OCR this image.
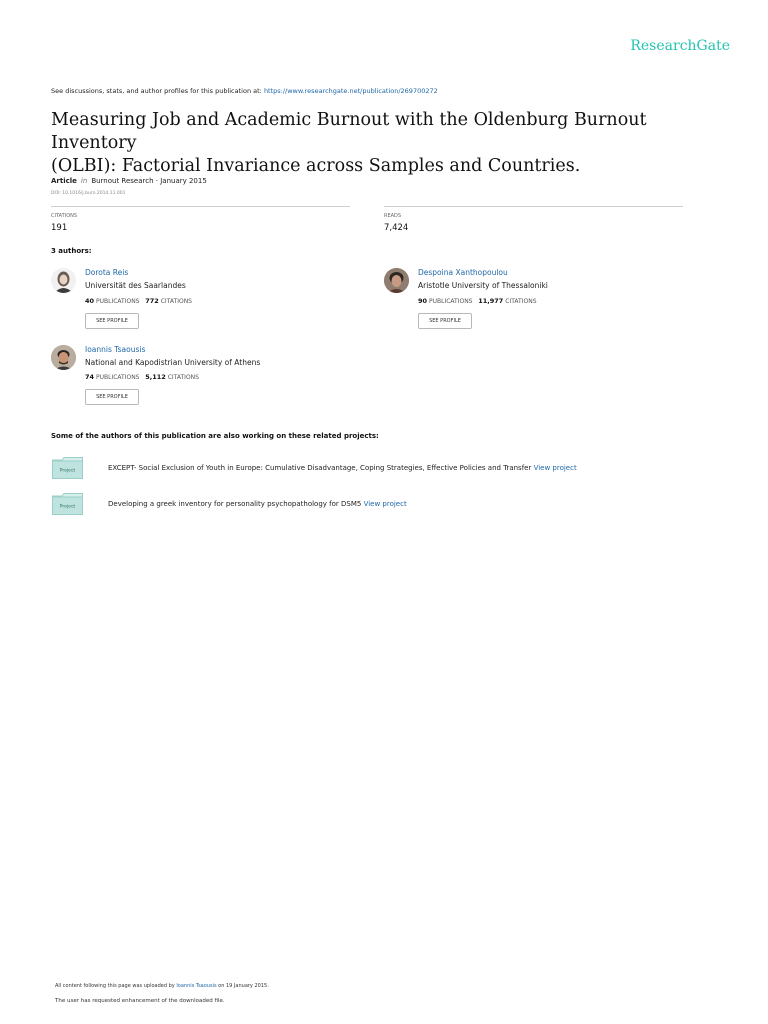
ResearchGate
See discussions, stats, and author profiles for this publication at: https://www.researchgate.net/publication/269700272
Measuring Job and Academic Burnout with the Oldenburg Burnout Inventory
(OLBI): Factorial Invariance across Samples and Countries.
Article in Burnout Research · January 2015
DOI: 10.1016/j.burn.2014.11.001
CITATIONS
191
READS
7,424
3 authors:
Dorota Reis
Universität des Saarlandes
40 PUBLICATIONS 772 CITATIONS
SEE PROFILE
Despoina Xanthopoulou
Aristotle University of Thessaloniki
90 PUBLICATIONS 11,977 CITATIONS
SEE PROFILE
Ioannis Tsaousis
National and Kapodistrian University of Athens
74 PUBLICATIONS 5,112 CITATIONS
SEE PROFILE
Some of the authors of this publication are also working on these related projects:
Project	EXCEPT- Social Exclusion of Youth in Europe: Cumulative Disadvantage, Coping Strategies, Effective Policies and Transfer View project
Project	Developing a greek inventory for personality psychopathology for DSM5 View project
All content following this page was uploaded by Ioannis Tsaousis on 19 January 2015.
The user has requested enhancement of the downloaded file.
